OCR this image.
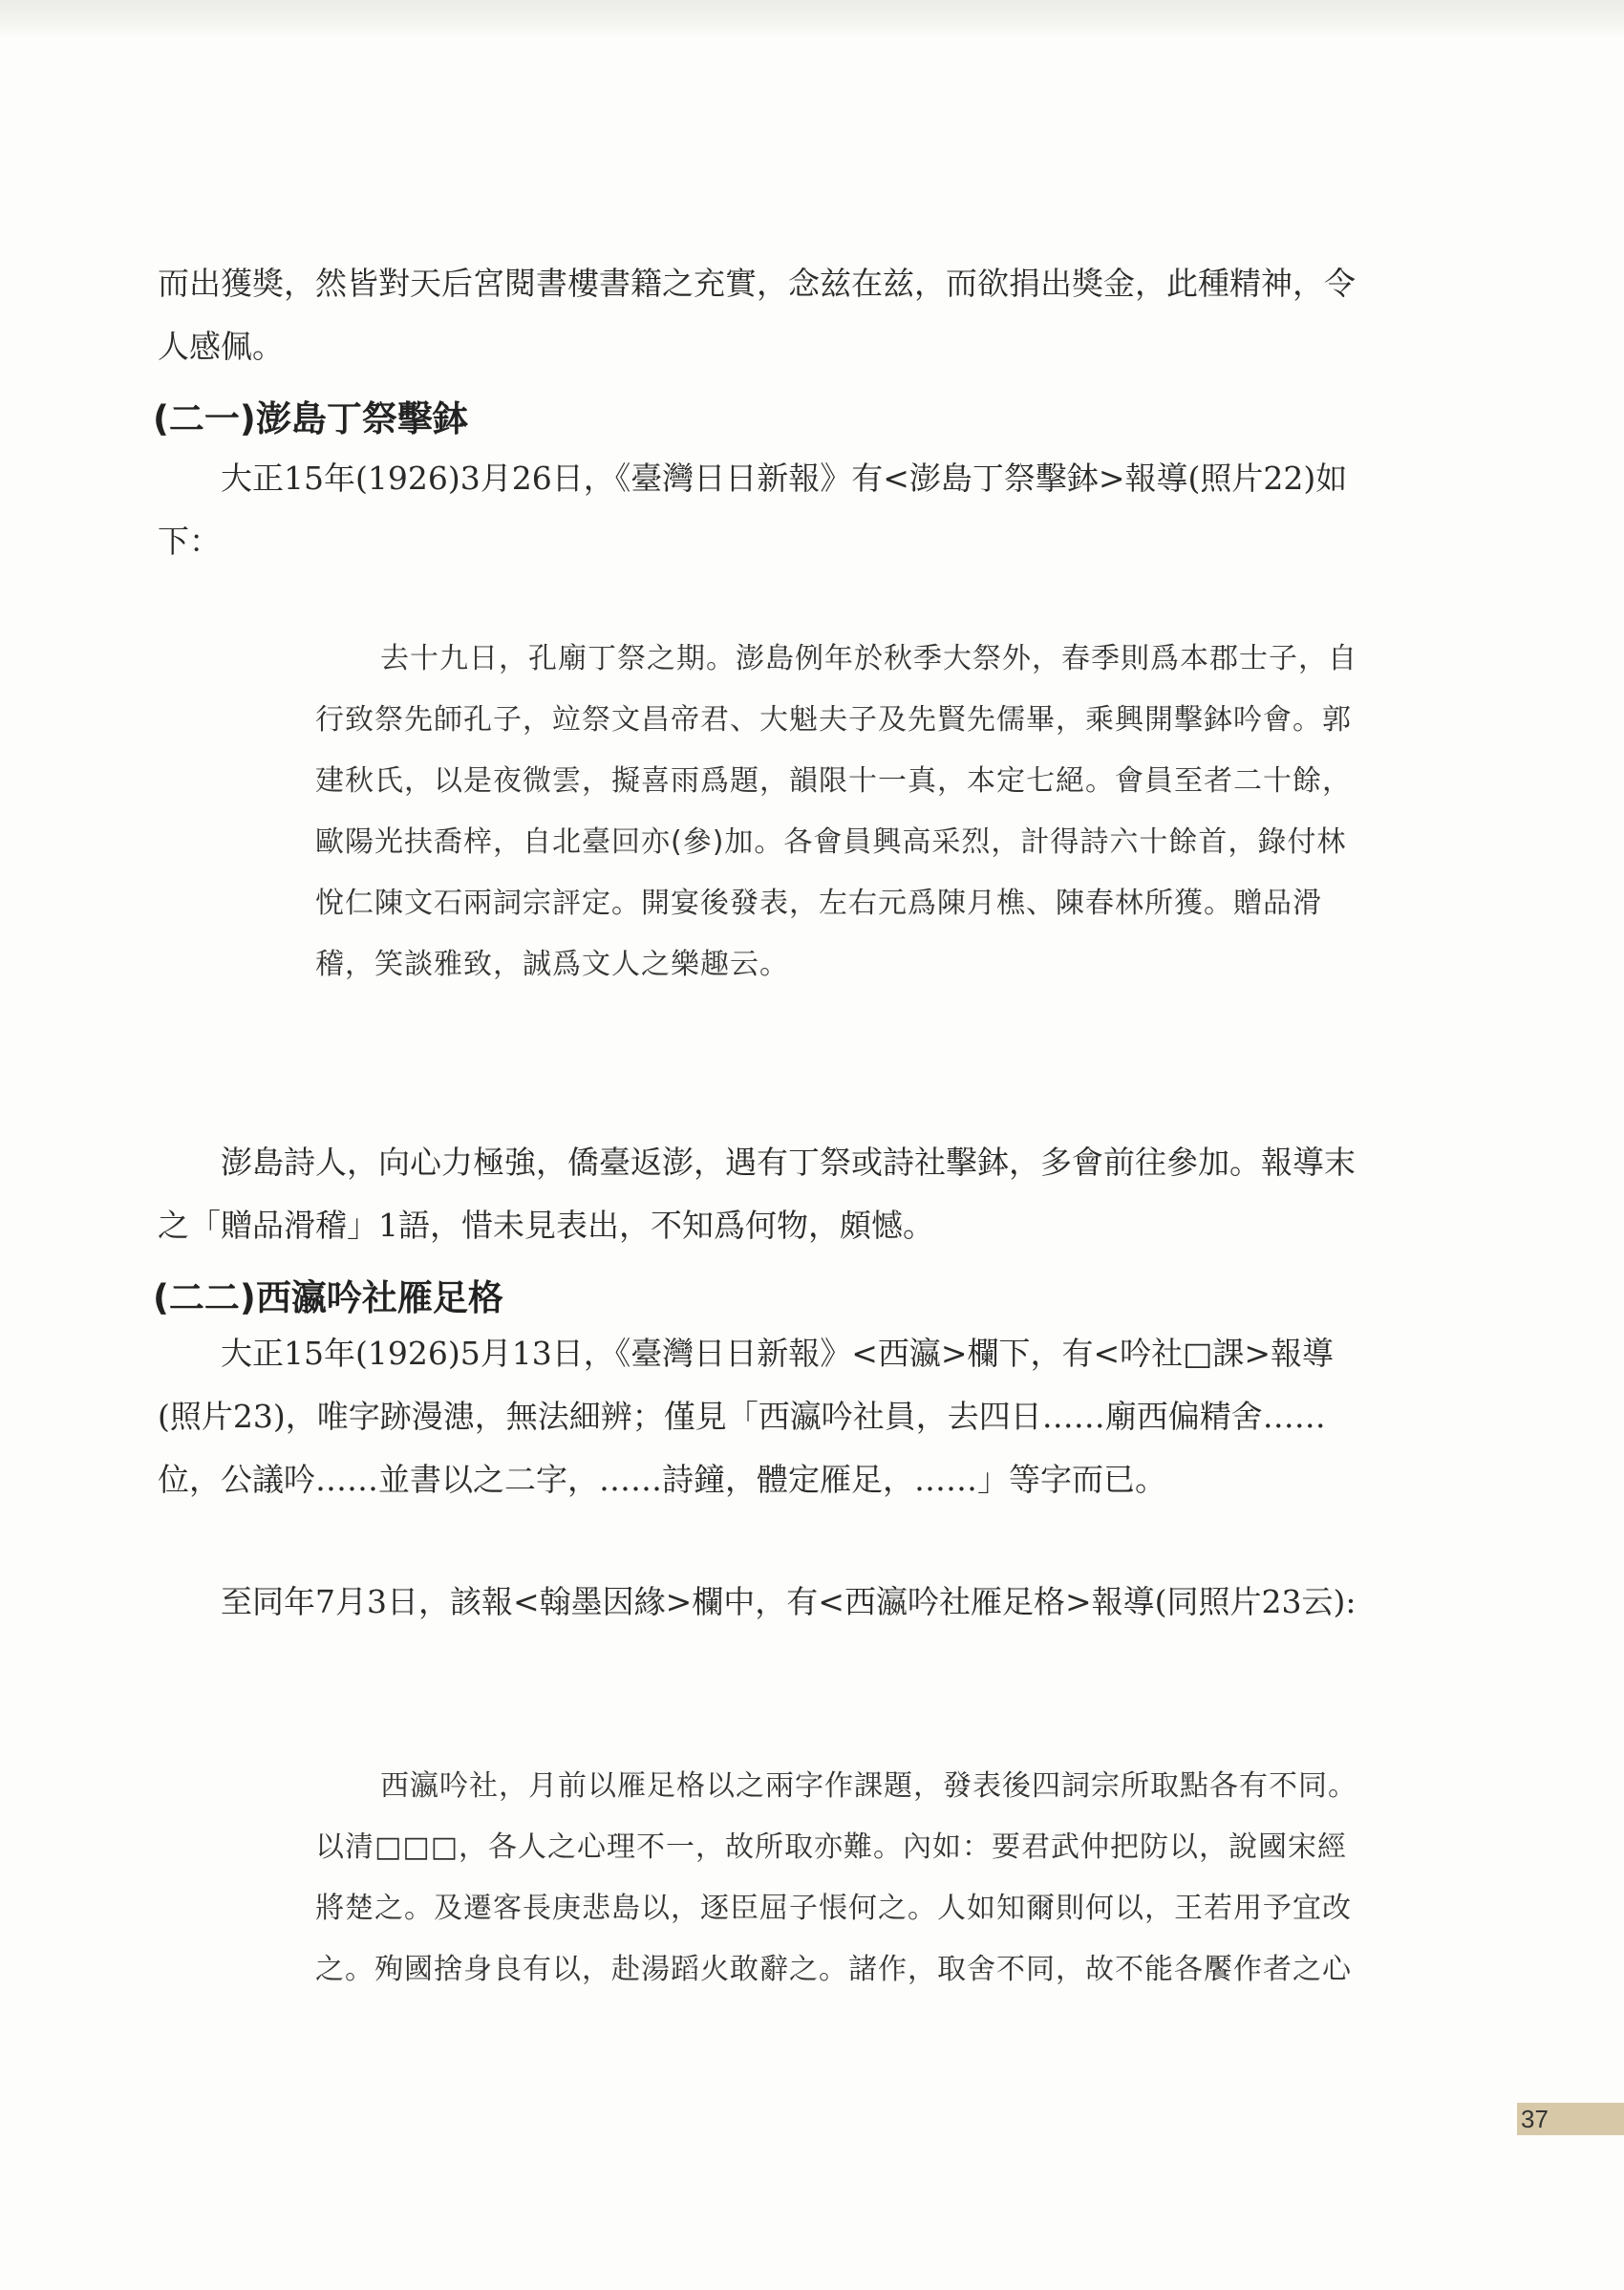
而出獲獎，然皆對天后宮閱書樓書籍之充實，念兹在兹，而欲捐出獎金，此種精神，令人感佩。

(二一)澎島丁祭擊鉢

大正15年(1926)3月26日，《臺灣日日新報》有<澎島丁祭擊鉢>報導(照片22)如下：

去十九日，孔廟丁祭之期。澎島例年於秋季大祭外，春季則爲本郡士子，自行致祭先師孔子，竝祭文昌帝君、大魁夫子及先賢先儒畢，乘興開擊鉢吟會。郭建秋氏，以是夜微雲，擬喜雨爲題，韻限十一真，本定七絕。會員至者二十餘，歐陽光扶喬梓，自北臺回亦(參)加。各會員興高采烈，計得詩六十餘首，錄付林悅仁陳文石兩詞宗評定。開宴後發表，左右元爲陳月樵、陳春林所獲。贈品滑稽，笑談雅致，誠爲文人之樂趣云。

澎島詩人，向心力極強，僑臺返澎，遇有丁祭或詩社擊鉢，多會前往參加。報導末之「贈品滑稽」1語，惜未見表出，不知爲何物，頗憾。

(二二)西瀛吟社雁足格

大正15年(1926)5月13日，《臺灣日日新報》<西瀛>欄下，有<吟社□課>報導(照片23)，唯字跡漫漶，無法細辨；僅見「西瀛吟社員，去四日……廟西偏精舍……位，公議吟……並書以之二字，……詩鐘，體定雁足，……」等字而已。

至同年7月3日，該報<翰墨因緣>欄中，有<西瀛吟社雁足格>報導(同照片23云):

西瀛吟社，月前以雁足格以之兩字作課題，發表後四詞宗所取點各有不同。以清□□□，各人之心理不一，故所取亦難。內如：要君武仲把防以，說國宋經將楚之。及遷客長庚悲島以，逐臣屈子悵何之。人如知爾則何以，王若用予宜改之。殉國捨身良有以，赴湯蹈火敢辭之。諸作，取舍不同，故不能各饜作者之心

37
